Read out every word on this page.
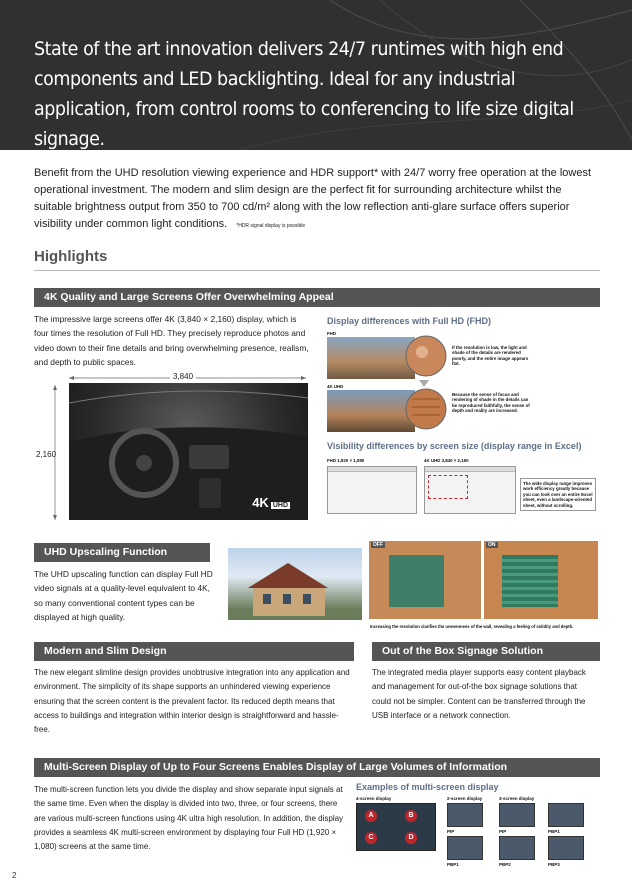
State of the art innovation delivers 24/7 runtimes with high end components and LED backlighting. Ideal for any industrial application, from control rooms to conferencing to life size digital signage.
Benefit from the UHD resolution viewing experience and HDR support* with 24/7 worry free operation at the lowest operational investment. The modern and slim design are the perfect fit for surrounding architecture whilst the suitable brightness output from 350 to 700 cd/m² along with the low reflection anti-glare surface offers superior visibility under common light conditions. *HDR signal display is possible
Highlights
4K Quality and Large Screens Offer Overwhelming Appeal
The impressive large screens offer 4K (3,840 × 2,160) display, which is four times the resolution of Full HD. They precisely reproduce photos and video down to their fine details and bring overwhelming presence, realism, and depth to public spaces.
3,840
2,160
4K UHD
Display differences with Full HD (FHD)
FHD
If the resolution is low, the light and shade of the details are rendered poorly, and the entire image appears flat.
4K UHD
Because the sense of focus and rendering of shade in the details can be reproduced faithfully, the sense of depth and reality are increased.
Visibility differences by screen size (display range in Excel)
FHD 1,920 × 1,080	4K UHD 3,840 × 2,160
The wide display range improves work efficiency greatly because you can look over an entire Excel sheet, even a landscape-oriented sheet, without scrolling.
UHD Upscaling Function
The UHD upscaling function can display Full HD video signals at a quality-level equivalent to 4K, so many conventional content types can be displayed at high quality.
OFF	ON
Increasing the resolution clarifies the unevenness of the wall, revealing a feeling of solidity and depth.
Modern and Slim Design
The new elegant slimline design provides unobtrusive integration into any application and environment. The simplicity of its shape supports an unhindered viewing experience ensuring that the screen content is the prevalent factor. Its reduced depth means that access to buildings and integration within interior design is straightforward and hassle-free.
Out of the Box Signage Solution
The integrated media player supports easy content playback and management for out-of-the box signage solutions that could not be simpler. Content can be transferred through the USB interface or a network connection.
Multi-Screen Display of Up to Four Screens Enables Display of Large Volumes of Information
The multi-screen function lets you divide the display and show separate input signals at the same time. Even when the display is divided into two, three, or four screens, there are various multi-screen functions using 4K ultra high resolution. In addition, the display provides a seamless 4K multi-screen environment by displaying four Full HD (1,920 × 1,080) screens at the same time.
Examples of multi-screen display
4-screen display	2-screen display	3-screen display
A	B
C	D
PIP	PIP	PBP1
PBP1	PBP2	PBP3
2
